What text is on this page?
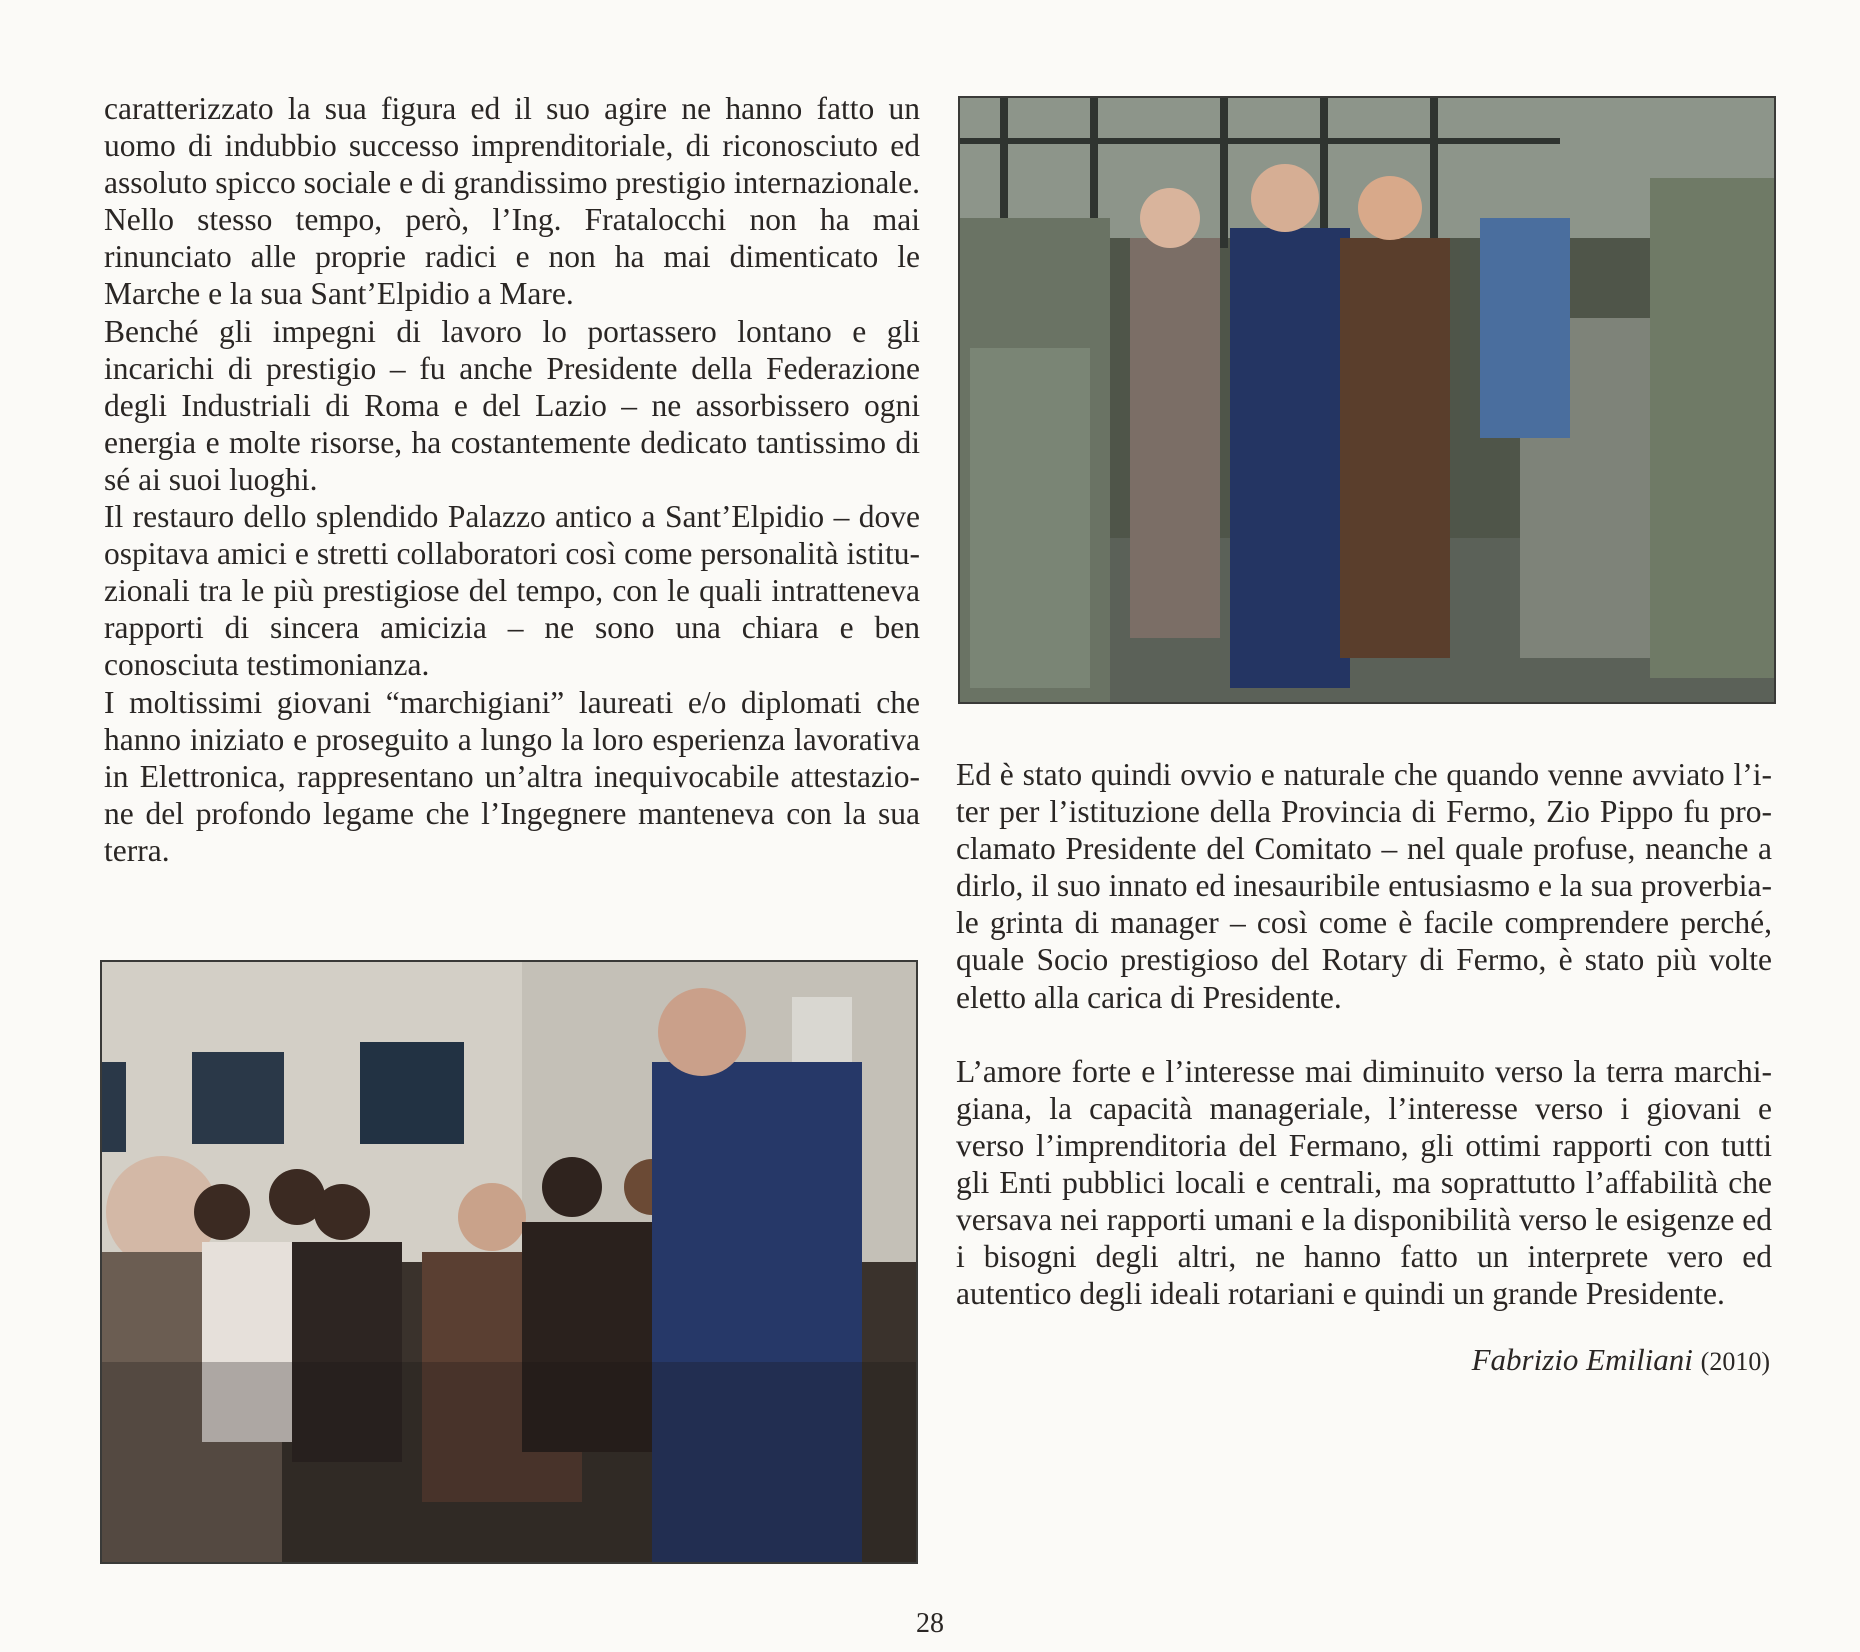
caratterizzato la sua figura ed il suo agire ne hanno fatto un uomo di indubbio successo imprenditoriale, di riconosciuto ed assoluto spicco sociale e di grandissimo prestigio internazionale. Nello stesso tempo, però, l’Ing. Fratalocchi non ha mai rinunciato alle proprie radici e non ha mai dimenticato le Marche e la sua Sant’Elpidio a Mare.

Benché gli impegni di lavoro lo portassero lontano e gli incarichi di prestigio – fu anche Presidente della Federazione degli Industriali di Roma e del Lazio – ne assorbissero ogni energia e molte risorse, ha costantemente dedicato tantissimo di sé ai suoi luoghi.

Il restauro dello splendido Palazzo antico a Sant’Elpidio – dove ospitava amici e stretti collaboratori così come personalità istituzionali tra le più prestigiose del tempo, con le quali intratteneva rapporti di sincera amicizia – ne sono una chiara e ben conosciuta testimonianza.

I moltissimi giovani “marchigiani” laureati e/o diplomati che hanno iniziato e proseguito a lungo la loro esperienza lavorativa in Elettronica, rappresentano un’altra inequivocabile attestazione del profondo legame che l’Ingegnere manteneva con la sua terra.

Ed è stato quindi ovvio e naturale che quando venne avviato l’iter per l’istituzione della Provincia di Fermo, Zio Pippo fu proclamato Presidente del Comitato – nel quale profuse, neanche a dirlo, il suo innato ed inesauribile entusiasmo e la sua proverbiale grinta di manager – così come è facile comprendere perché, quale Socio prestigioso del Rotary di Fermo, è stato più volte eletto alla carica di Presidente.

L’amore forte e l’interesse mai diminuito verso la terra marchigiana, la capacità manageriale, l’interesse verso i giovani e verso l’imprenditoria del Fermano, gli ottimi rapporti con tutti gli Enti pubblici locali e centrali, ma soprattutto l’affabilità che versava nei rapporti umani e la disponibilità verso le esigenze ed i bisogni degli altri, ne hanno fatto un interprete vero ed autentico degli ideali rotariani e quindi un grande Presidente.

Fabrizio Emiliani (2010)
28
